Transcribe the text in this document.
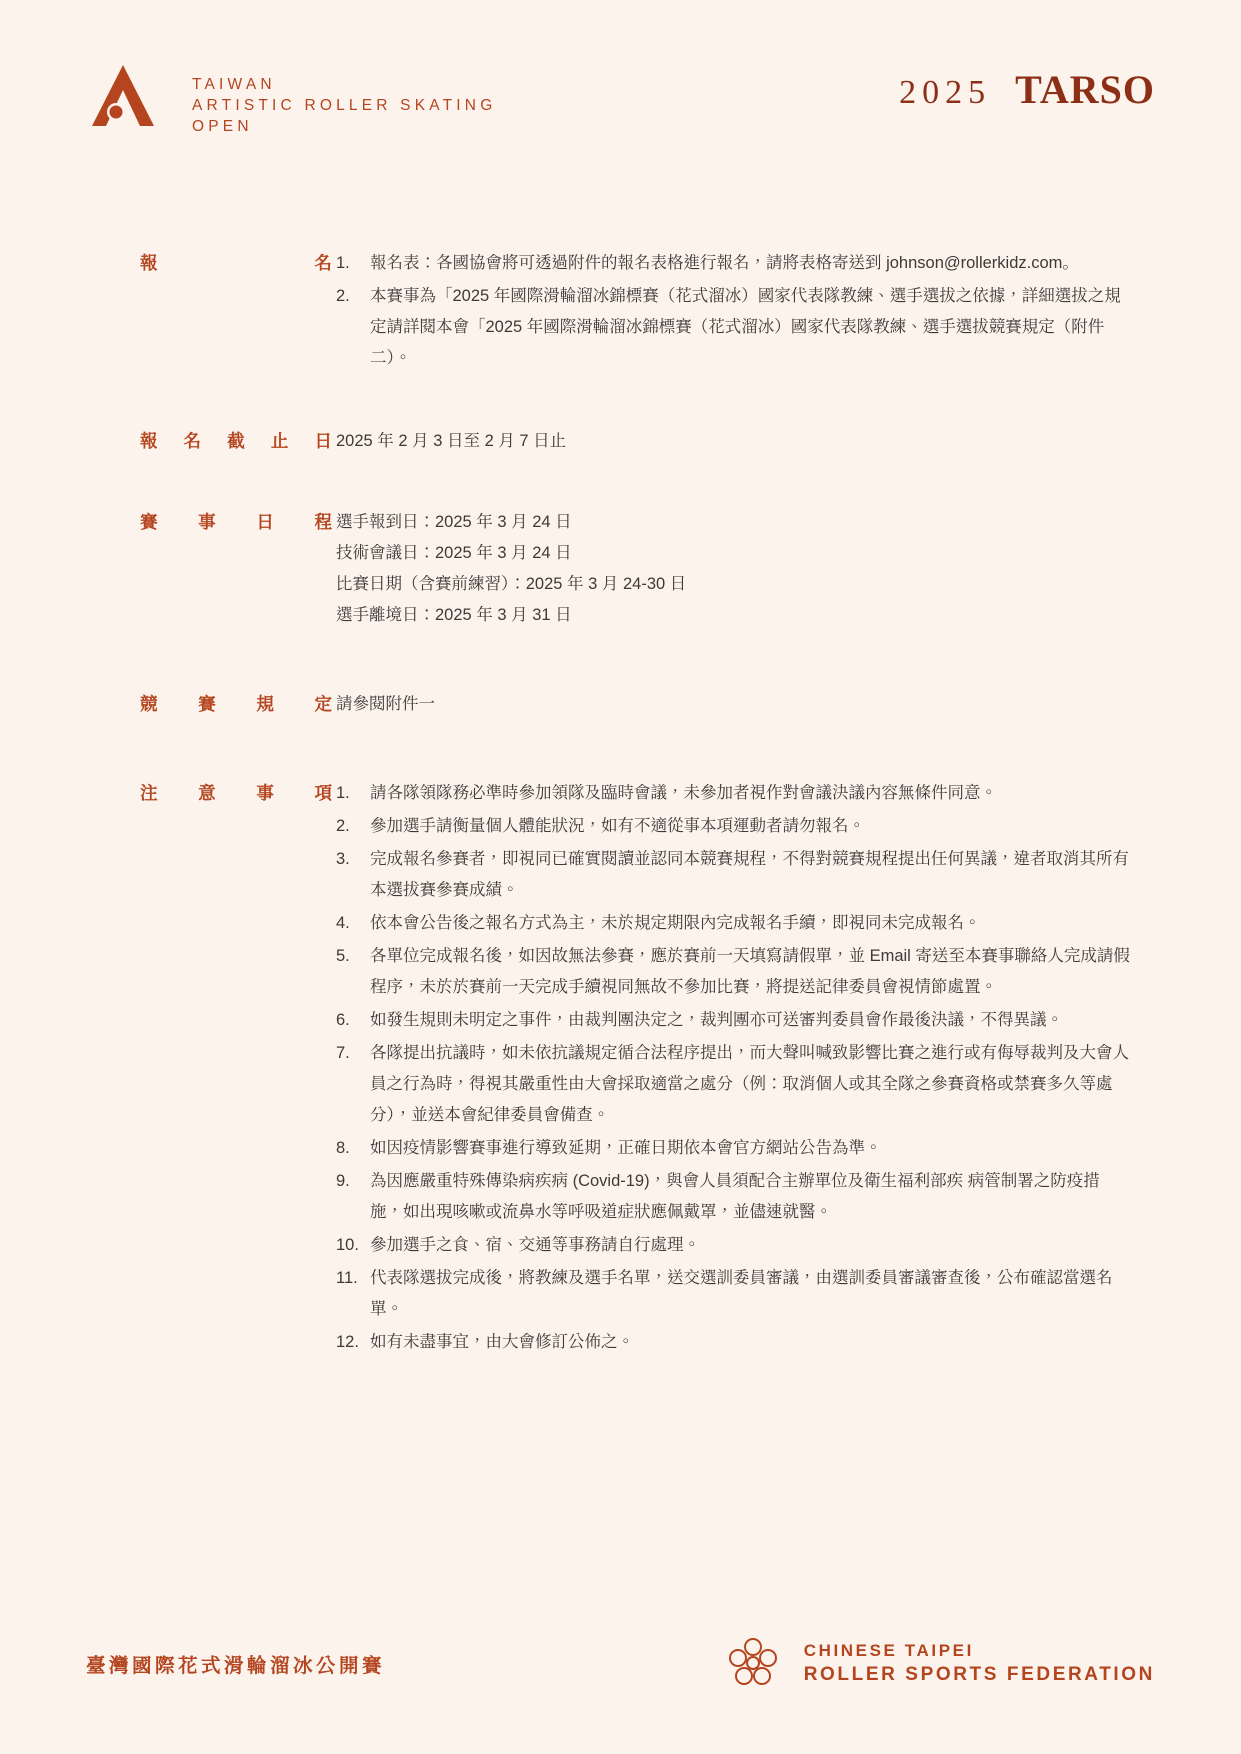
TAIWAN
ARTISTIC ROLLER SKATING
OPEN
2025 TARSO
報	名 1.	報名表：各國協會將可透過附件的報名表格進行報名，請將表格寄送到 johnson@rollerkidz.com。
2.	本賽事為「2025 年國際滑輪溜冰錦標賽（花式溜冰）國家代表隊教練、選手選拔之依據，詳細選拔之規定請詳閱本會「2025 年國際滑輪溜冰錦標賽（花式溜冰）國家代表隊教練、選手選拔競賽規定（附件二）。
報 名 截 止 日 2025 年 2 月 3 日至 2 月 7 日止
賽 事 日 程 選手報到日：2025 年 3 月 24 日
技術會議日：2025 年 3 月 24 日
比賽日期（含賽前練習）：2025 年 3 月 24-30 日
選手離境日：2025 年 3 月 31 日
競 賽 規 定 請參閱附件一
注 意 事 項 1.	請各隊領隊務必準時參加領隊及臨時會議，未參加者視作對會議決議內容無條件同意。
2.	參加選手請衡量個人體能狀況，如有不適從事本項運動者請勿報名。
3.	完成報名參賽者，即視同已確實閱讀並認同本競賽規程，不得對競賽規程提出任何異議，違者取消其所有本選拔賽參賽成績。
4.	依本會公告後之報名方式為主，未於規定期限內完成報名手續，即視同未完成報名。
5.	各單位完成報名後，如因故無法參賽，應於賽前一天填寫請假單，並 Email 寄送至本賽事聯絡人完成請假程序，未於於賽前一天完成手續視同無故不參加比賽，將提送記律委員會視情節處置。
6.	如發生規則未明定之事件，由裁判團決定之，裁判團亦可送審判委員會作最後決議，不得異議。
7.	各隊提出抗議時，如未依抗議規定循合法程序提出，而大聲叫喊致影響比賽之進行或有侮辱裁判及大會人員之行為時，得視其嚴重性由大會採取適當之處分（例：取消個人或其全隊之參賽資格或禁賽多久等處分），並送本會紀律委員會備查。
8.	如因疫情影響賽事進行導致延期，正確日期依本會官方網站公告為準。
9.	為因應嚴重特殊傳染病疾病 (Covid-19)，與會人員須配合主辦單位及衛生福利部疾 病管制署之防疫措施，如出現咳嗽或流鼻水等呼吸道症狀應佩戴罩，並儘速就醫。
10. 參加選手之食、宿、交通等事務請自行處理。
11. 代表隊選拔完成後，將教練及選手名單，送交選訓委員審議，由選訓委員審議審查後，公布確認當選名單。
12. 如有未盡事宜，由大會修訂公佈之。
臺灣國際花式滑輪溜冰公開賽
CHINESE TAIPEI
ROLLER SPORTS FEDERATION
